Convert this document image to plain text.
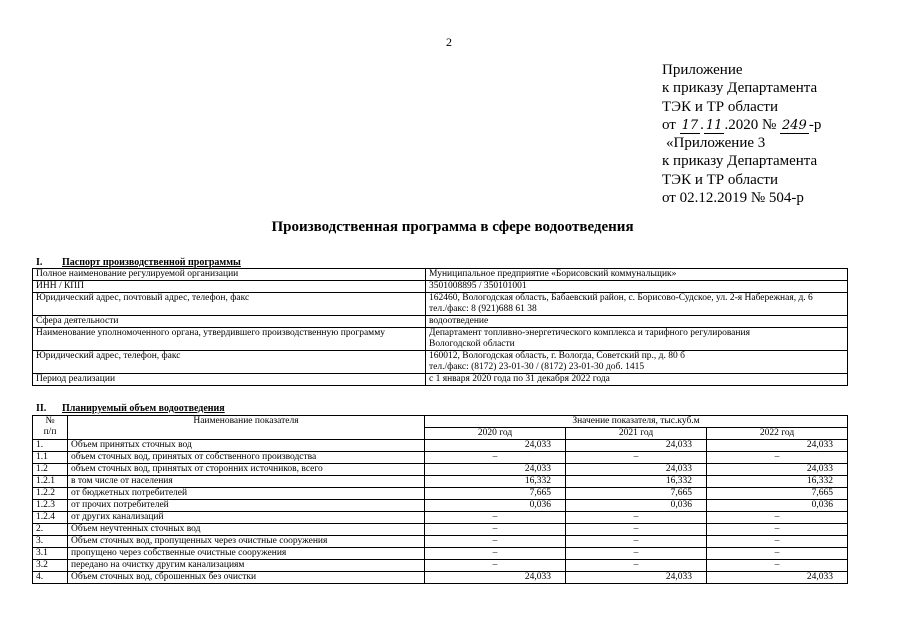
2
Приложение
к приказу Департамента
ТЭК и ТР области
от 17 . 11 .2020 № 249 -р
«Приложение 3
к приказу Департамента
ТЭК и ТР области
от 02.12.2019 № 504-р
Производственная программа в сфере водоотведения
I. Паспорт производственной программы
Полное наименование регулируемой организации	Муниципальное предприятие «Борисовский коммунальщик»

ИНН / КПП	3501008895 / 350101001

Юридический адрес, почтовый адрес, телефон, факс	162460, Вологодская область, Бабаевский район, с. Борисово-Судское, ул. 2-я Набережная, д. 6
тел./факс: 8 (921)688 61 38

Сфера деятельности	водоотведение

Наименование уполномоченного органа, утвердившего производственную программу	Департамент топливно-энергетического комплекса и тарифного регулирования
Вологодской области

Юридический адрес, телефон, факс	160012, Вологодская область, г. Вологда, Советский пр., д. 80 б
тел./факс: (8172) 23-01-30 / (8172) 23-01-30 доб. 1415

Период реализации	с 1 января 2020 года по 31 декабря 2022 года
II. Планируемый объем водоотведения
№
п/п	Наименование показателя	Значение показателя, тыс.куб.м		
		2020 год	2021 год	2022 год
1.	Объем принятых сточных вод	24,033	24,033	24,033
1.1	объем сточных вод, принятых от собственного производства	–	–	–
1.2	объем сточных вод, принятых от сторонних источников, всего	24,033	24,033	24,033
1.2.1	в том числе от населения	16,332	16,332	16,332
1.2.2	от бюджетных потребителей	7,665	7,665	7,665
1.2.3	от прочих потребителей	0,036	0,036	0,036
1.2.4	от других канализаций	–	–	–
2.	Объем неучтенных сточных вод	–	–	–
3.	Объем сточных вод, пропущенных через очистные сооружения	–	–	–
3.1	пропущено через собственные очистные сооружения	–	–	–
3.2	передано на очистку другим канализациям	–	–	–
4.	Объем сточных вод, сброшенных без очистки	24,033	24,033	24,033
